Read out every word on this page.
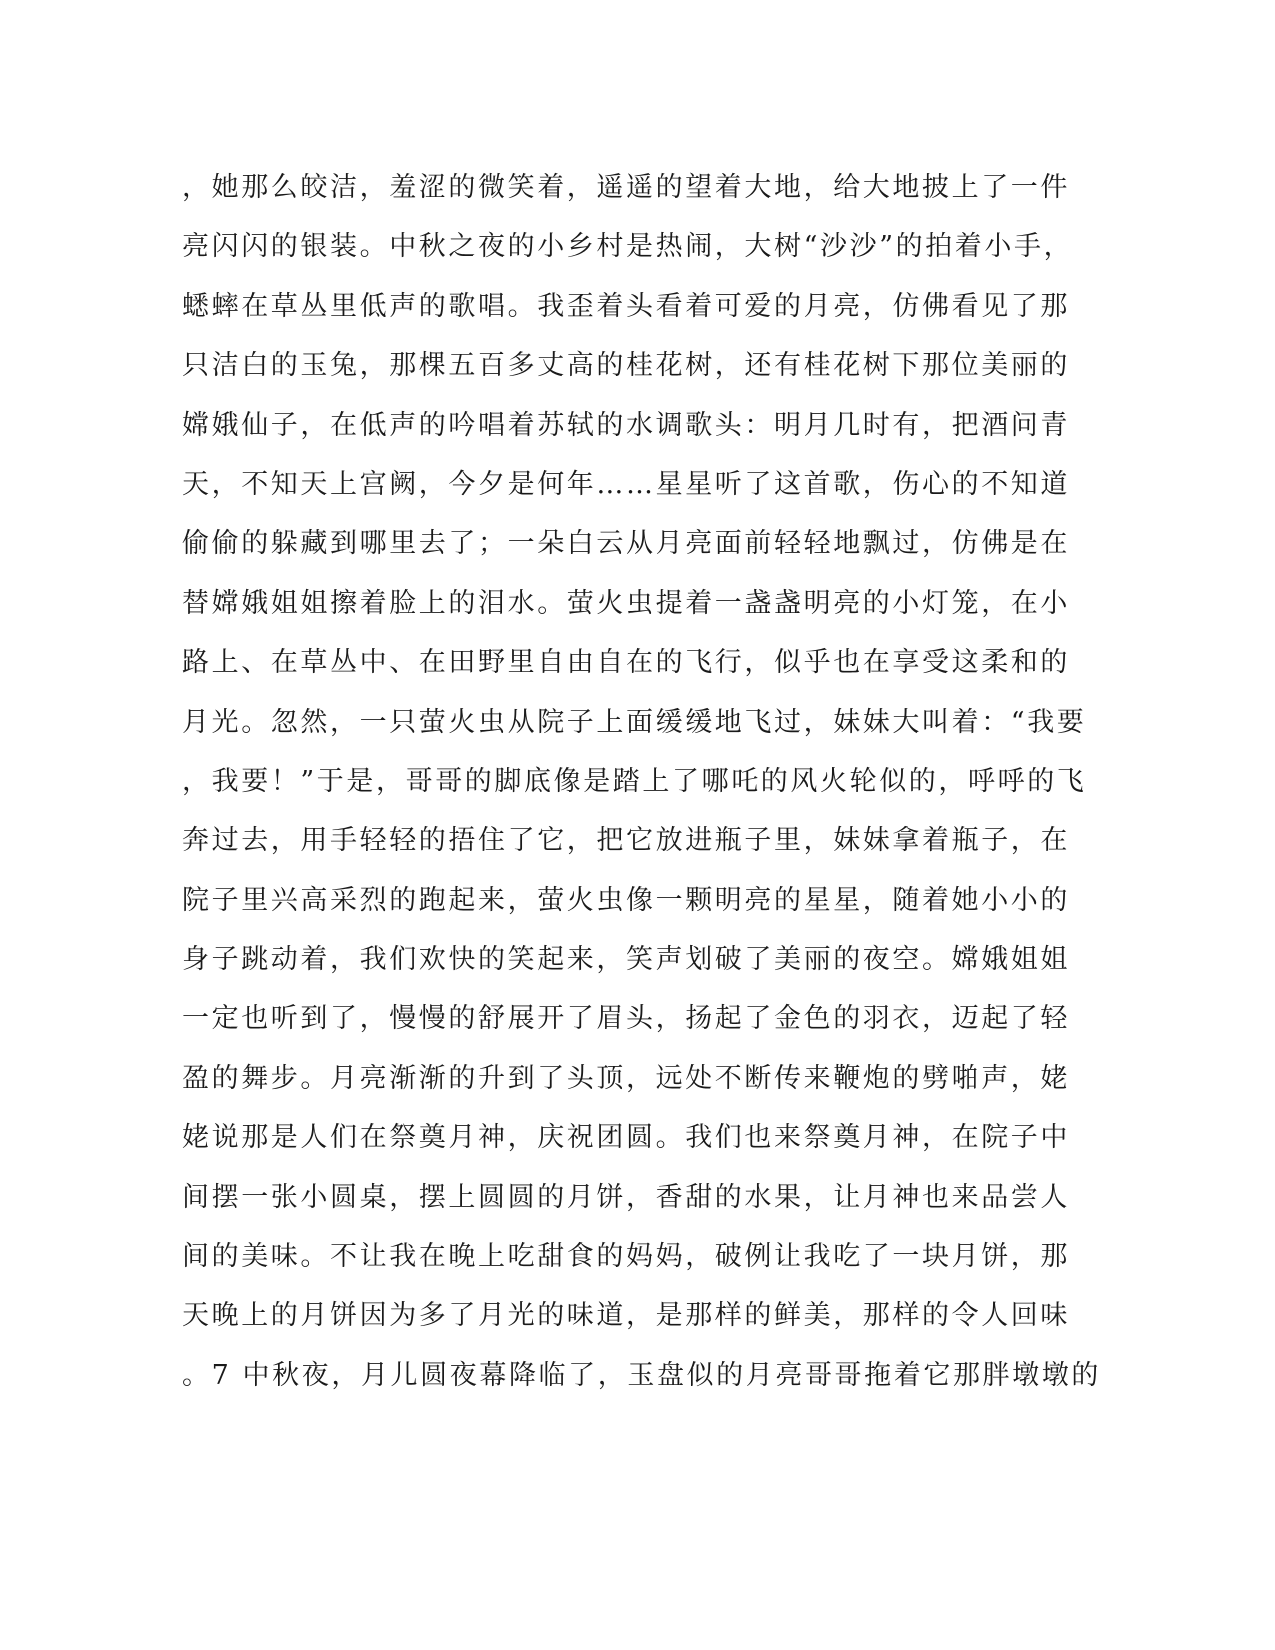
，她那么皎洁，羞涩的微笑着，遥遥的望着大地，给大地披上了一件
亮闪闪的银装。中秋之夜的小乡村是热闹，大树“沙沙”的拍着小手，
蟋蟀在草丛里低声的歌唱。我歪着头看着可爱的月亮，仿佛看见了那
只洁白的玉兔，那棵五百多丈高的桂花树，还有桂花树下那位美丽的
嫦娥仙子，在低声的吟唱着苏轼的水调歌头：明月几时有，把酒问青
天，不知天上宫阙，今夕是何年……星星听了这首歌，伤心的不知道
偷偷的躲藏到哪里去了；一朵白云从月亮面前轻轻地飘过，仿佛是在
替嫦娥姐姐擦着脸上的泪水。萤火虫提着一盏盏明亮的小灯笼，在小
路上、在草丛中、在田野里自由自在的飞行，似乎也在享受这柔和的
月光。忽然，一只萤火虫从院子上面缓缓地飞过，妹妹大叫着：“我要
，我要！”于是，哥哥的脚底像是踏上了哪吒的风火轮似的，呼呼的飞
奔过去，用手轻轻的捂住了它，把它放进瓶子里，妹妹拿着瓶子，在
院子里兴高采烈的跑起来，萤火虫像一颗明亮的星星，随着她小小的
身子跳动着，我们欢快的笑起来，笑声划破了美丽的夜空。嫦娥姐姐
一定也听到了，慢慢的舒展开了眉头，扬起了金色的羽衣，迈起了轻
盈的舞步。月亮渐渐的升到了头顶，远处不断传来鞭炮的劈啪声，姥
姥说那是人们在祭奠月神，庆祝团圆。我们也来祭奠月神，在院子中
间摆一张小圆桌，摆上圆圆的月饼，香甜的水果，让月神也来品尝人
间的美味。不让我在晚上吃甜食的妈妈，破例让我吃了一块月饼，那
天晚上的月饼因为多了月光的味道，是那样的鲜美，那样的令人回味
。7 中秋夜，月儿圆夜幕降临了，玉盘似的月亮哥哥拖着它那胖墩墩的
